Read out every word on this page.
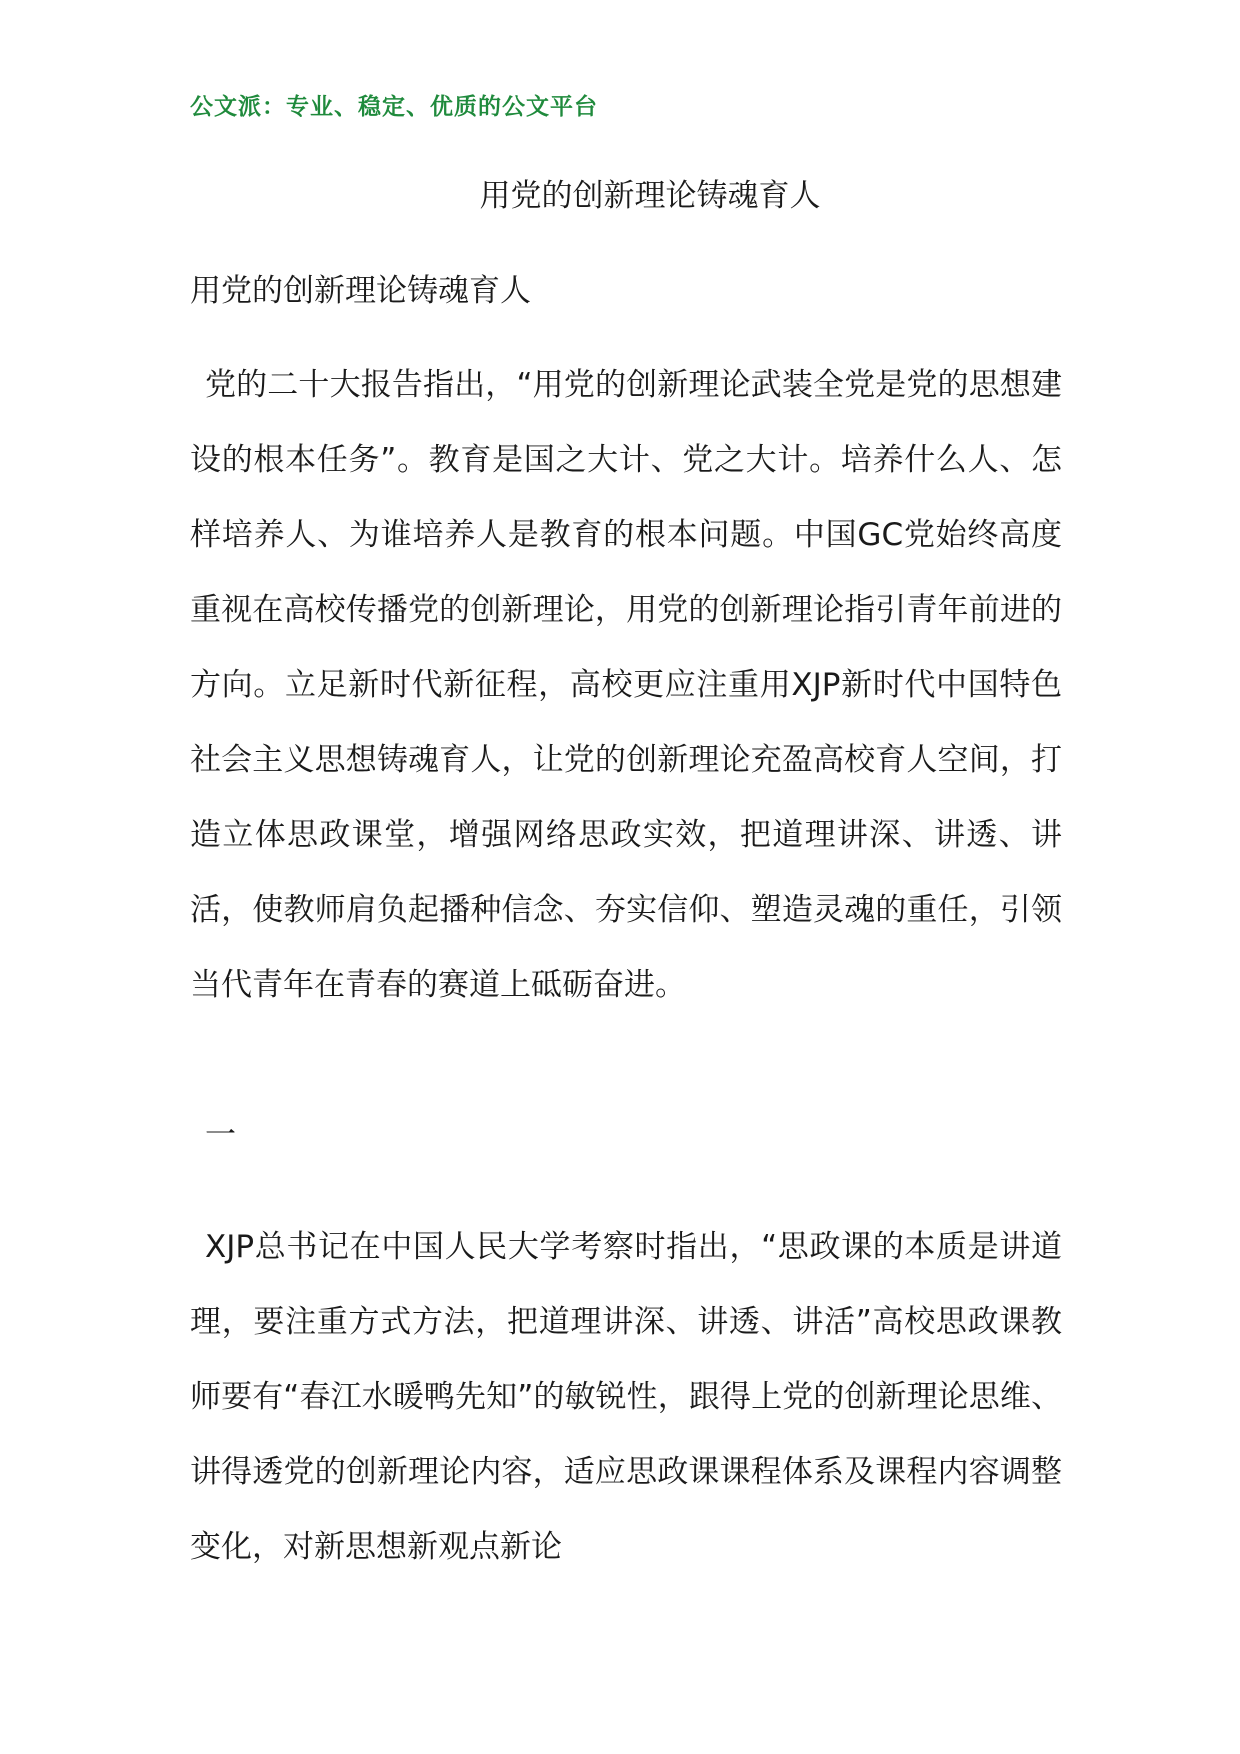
公文派：专业、稳定、优质的公文平台
用党的创新理论铸魂育人
用党的创新理论铸魂育人
党的二十大报告指出，“用党的创新理论武装全党是党的思想建设的根本任务”。教育是国之大计、党之大计。培养什么人、怎样培养人、为谁培养人是教育的根本问题。中国GC党始终高度重视在高校传播党的创新理论，用党的创新理论指引青年前进的方向。立足新时代新征程，高校更应注重用XJP新时代中国特色社会主义思想铸魂育人，让党的创新理论充盈高校育人空间，打造立体思政课堂，增强网络思政实效，把道理讲深、讲透、讲活，使教师肩负起播种信念、夯实信仰、塑造灵魂的重任，引领当代青年在青春的赛道上砥砺奋进。
一
XJP总书记在中国人民大学考察时指出，“思政课的本质是讲道理，要注重方式方法，把道理讲深、讲透、讲活”高校思政课教师要有“春江水暖鸭先知”的敏锐性，跟得上党的创新理论思维、讲得透党的创新理论内容，适应思政课课程体系及课程内容调整变化，对新思想新观点新论
